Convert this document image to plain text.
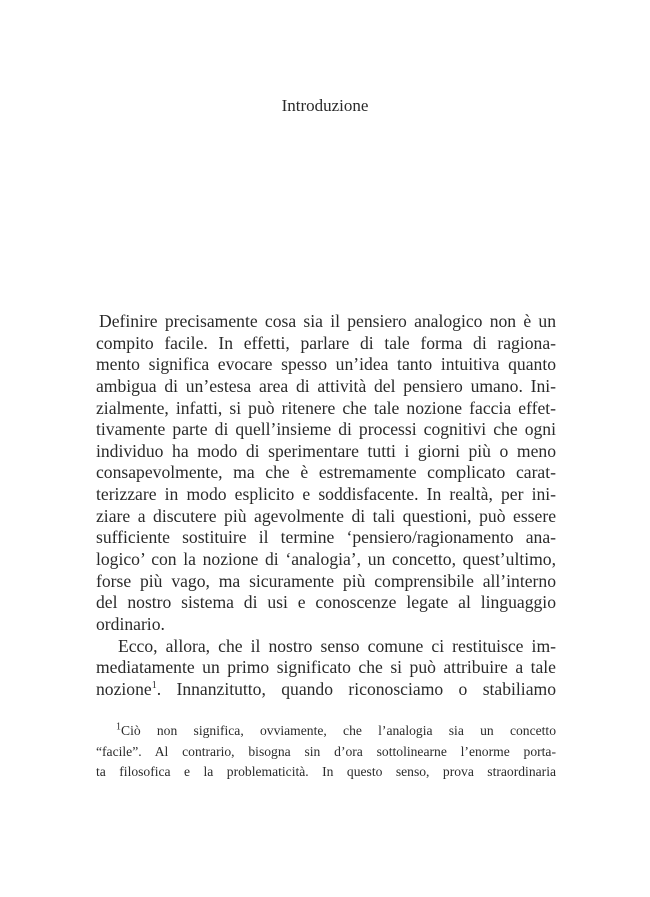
Introduzione
Definire precisamente cosa sia il pensiero analogico non è un
compito facile. In effetti, parlare di tale forma di ragiona-
mento significa evocare spesso un’idea tanto intuitiva quanto
ambigua di un’estesa area di attività del pensiero umano. Ini-
zialmente, infatti, si può ritenere che tale nozione faccia effet-
tivamente parte di quell’insieme di processi cognitivi che ogni
individuo ha modo di sperimentare tutti i giorni più o meno
consapevolmente, ma che è estremamente complicato carat-
terizzare in modo esplicito e soddisfacente. In realtà, per ini-
ziare a discutere più agevolmente di tali questioni, può essere
sufficiente sostituire il termine ‘pensiero/ragionamento ana-
logico’ con la nozione di ‘analogia’, un concetto, quest’ultimo,
forse più vago, ma sicuramente più comprensibile all’interno
del nostro sistema di usi e conoscenze legate al linguaggio
ordinario.
Ecco, allora, che il nostro senso comune ci restituisce im-
mediatamente un primo significato che si può attribuire a tale
nozione$^1$. Innanzitutto, quando riconosciamo o stabiliamo
$^1$Ciò non significa, ovviamente, che l’analogia sia un concetto
“facile”. Al contrario, bisogna sin d’ora sottolinearne l’enorme porta-
ta filosofica e la problematicità. In questo senso, prova straordinaria
